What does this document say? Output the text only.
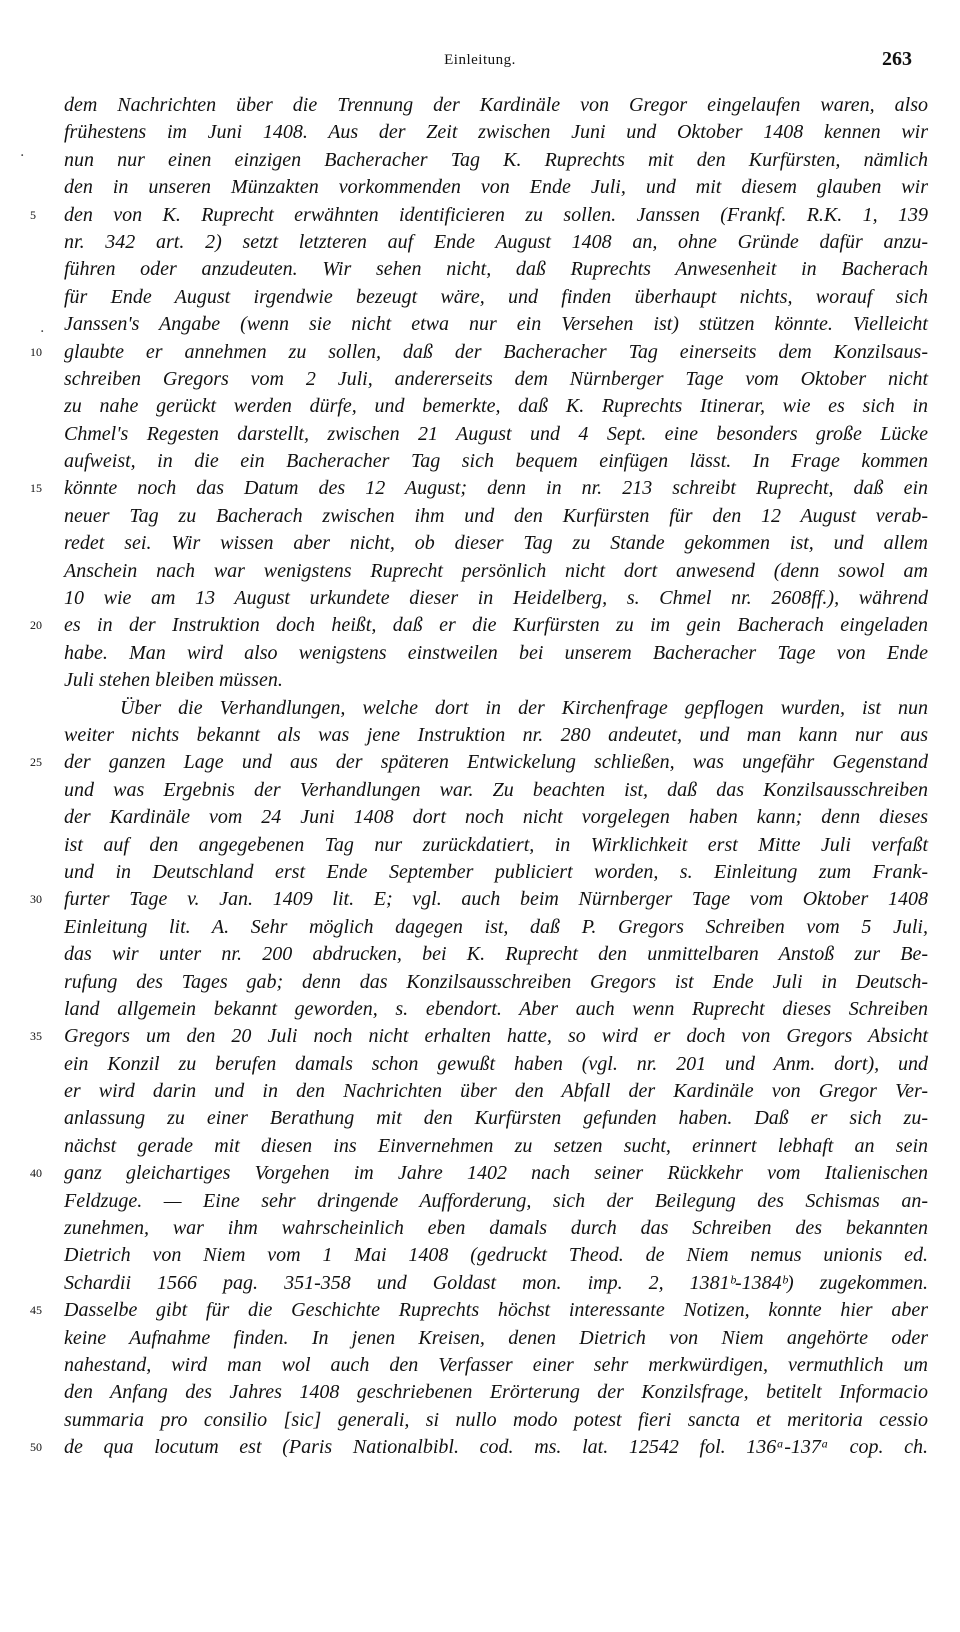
Einleitung.	263
·
.
dem Nachrichten über die Trennung der Kardinäle von Gregor eingelaufen waren, also
frühestens im Juni 1408. Aus der Zeit zwischen Juni und Oktober 1408 kennen wir
nun nur einen einzigen Bacheracher Tag K. Ruprechts mit den Kurfürsten, nämlich
den in unseren Münzakten vorkommenden von Ende Juli, und mit diesem glauben wir
5	den von K. Ruprecht erwähnten identificieren zu sollen. Janssen (Frankf. R.K. 1, 139
nr. 342 art. 2) setzt letzteren auf Ende August 1408 an, ohne Gründe dafür anzu-
führen oder anzudeuten. Wir sehen nicht, daß Ruprechts Anwesenheit in Bacherach
für Ende August irgendwie bezeugt wäre, und finden überhaupt nichts, worauf sich
Janssen's Angabe (wenn sie nicht etwa nur ein Versehen ist) stützen könnte. Vielleicht
10	glaubte er annehmen zu sollen, daß der Bacheracher Tag einerseits dem Konzilsaus-
schreiben Gregors vom 2 Juli, andererseits dem Nürnberger Tage vom Oktober nicht
zu nahe gerückt werden dürfe, und bemerkte, daß K. Ruprechts Itinerar, wie es sich in
Chmel's Regesten darstellt, zwischen 21 August und 4 Sept. eine besonders große Lücke
aufweist, in die ein Bacheracher Tag sich bequem einfügen lässt. In Frage kommen
15	könnte noch das Datum des 12 August; denn in nr. 213 schreibt Ruprecht, daß ein
neuer Tag zu Bacherach zwischen ihm und den Kurfürsten für den 12 August verab-
redet sei. Wir wissen aber nicht, ob dieser Tag zu Stande gekommen ist, und allem
Anschein nach war wenigstens Ruprecht persönlich nicht dort anwesend (denn sowol am
10 wie am 13 August urkundete dieser in Heidelberg, s. Chmel nr. 2608ff.), während
20	es in der Instruktion doch heißt, daß er die Kurfürsten zu im gein Bacherach eingeladen
habe. Man wird also wenigstens einstweilen bei unserem Bacheracher Tage von Ende
Juli stehen bleiben müssen.
Über die Verhandlungen, welche dort in der Kirchenfrage gepflogen wurden, ist nun
weiter nichts bekannt als was jene Instruktion nr. 280 andeutet, und man kann nur aus
25	der ganzen Lage und aus der späteren Entwickelung schließen, was ungefähr Gegenstand
und was Ergebnis der Verhandlungen war. Zu beachten ist, daß das Konzilsausschreiben
der Kardinäle vom 24 Juni 1408 dort noch nicht vorgelegen haben kann; denn dieses
ist auf den angegebenen Tag nur zurückdatiert, in Wirklichkeit erst Mitte Juli verfaßt
und in Deutschland erst Ende September publiciert worden, s. Einleitung zum Frank-
30	furter Tage v. Jan. 1409 lit. E; vgl. auch beim Nürnberger Tage vom Oktober 1408
Einleitung lit. A. Sehr möglich dagegen ist, daß P. Gregors Schreiben vom 5 Juli,
das wir unter nr. 200 abdrucken, bei K. Ruprecht den unmittelbaren Anstoß zur Be-
rufung des Tages gab; denn das Konzilsausschreiben Gregors ist Ende Juli in Deutsch-
land allgemein bekannt geworden, s. ebendort. Aber auch wenn Ruprecht dieses Schreiben
35	Gregors um den 20 Juli noch nicht erhalten hatte, so wird er doch von Gregors Absicht
ein Konzil zu berufen damals schon gewußt haben (vgl. nr. 201 und Anm. dort), und
er wird darin und in den Nachrichten über den Abfall der Kardinäle von Gregor Ver-
anlassung zu einer Berathung mit den Kurfürsten gefunden haben. Daß er sich zu-
nächst gerade mit diesen ins Einvernehmen zu setzen sucht, erinnert lebhaft an sein
40	ganz gleichartiges Vorgehen im Jahre 1402 nach seiner Rückkehr vom Italienischen
Feldzuge. — Eine sehr dringende Aufforderung, sich der Beilegung des Schismas an-
zunehmen, war ihm wahrscheinlich eben damals durch das Schreiben des bekannten
Dietrich von Niem vom 1 Mai 1408 (gedruckt Theod. de Niem nemus unionis ed.
Schardii 1566 pag. 351-358 und Goldast mon. imp. 2, 1381ᵇ-1384ᵇ) zugekommen.
45	Dasselbe gibt für die Geschichte Ruprechts höchst interessante Notizen, konnte hier aber
keine Aufnahme finden. In jenen Kreisen, denen Dietrich von Niem angehörte oder
nahestand, wird man wol auch den Verfasser einer sehr merkwürdigen, vermuthlich um
den Anfang des Jahres 1408 geschriebenen Erörterung der Konzilsfrage, betitelt Informacio
summaria pro consilio [sic] generali, si nullo modo potest fieri sancta et meritoria cessio
50	de qua locutum est (Paris Nationalbibl. cod. ms. lat. 12542 fol. 136ᵃ-137ᵃ cop. ch.
